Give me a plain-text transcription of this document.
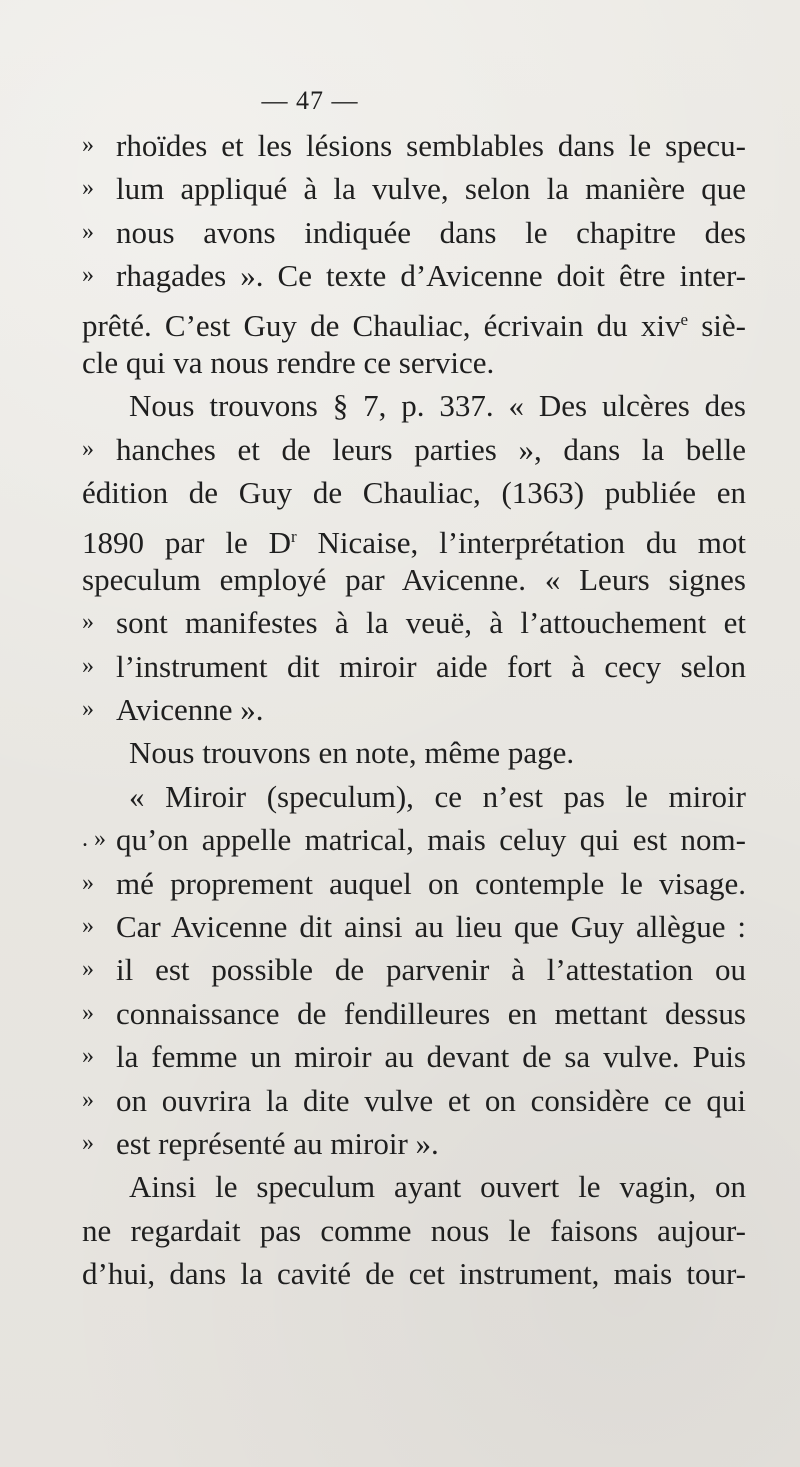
— 47 —
» rhoïdes et les lésions semblables dans le specu-
» lum appliqué à la vulve, selon la manière que
» nous avons indiquée dans le chapitre des
» rhagades ». Ce texte d’Avicenne doit être inter-
prêté. C’est Guy de Chauliac, écrivain du xiv$^e$ siè-
cle qui va nous rendre ce service.
Nous trouvons § 7, p. 337. « Des ulcères des
» hanches et de leurs parties », dans la belle
édition de Guy de Chauliac, (1363) publiée en
1890 par le $D^r$ Nicaise, l’interprétation du mot
speculum employé par Avicenne. « Leurs signes
» sont manifestes à la veuë, à l’attouchement et
» l’instrument dit miroir aide fort à cecy selon
» Avicenne ».
Nous trouvons en note, même page.
« Miroir (speculum), ce n’est pas le miroir
. » qu’on appelle matrical, mais celuy qui est nom-
» mé proprement auquel on contemple le visage.
» Car Avicenne dit ainsi au lieu que Guy allègue :
» il est possible de parvenir à l’attestation ou
» connaissance de fendilleures en mettant dessus
» la femme un miroir au devant de sa vulve. Puis
» on ouvrira la dite vulve et on considère ce qui
» est représenté au miroir ».
Ainsi le speculum ayant ouvert le vagin, on
ne regardait pas comme nous le faisons aujour-
d’hui, dans la cavité de cet instrument, mais tour-
